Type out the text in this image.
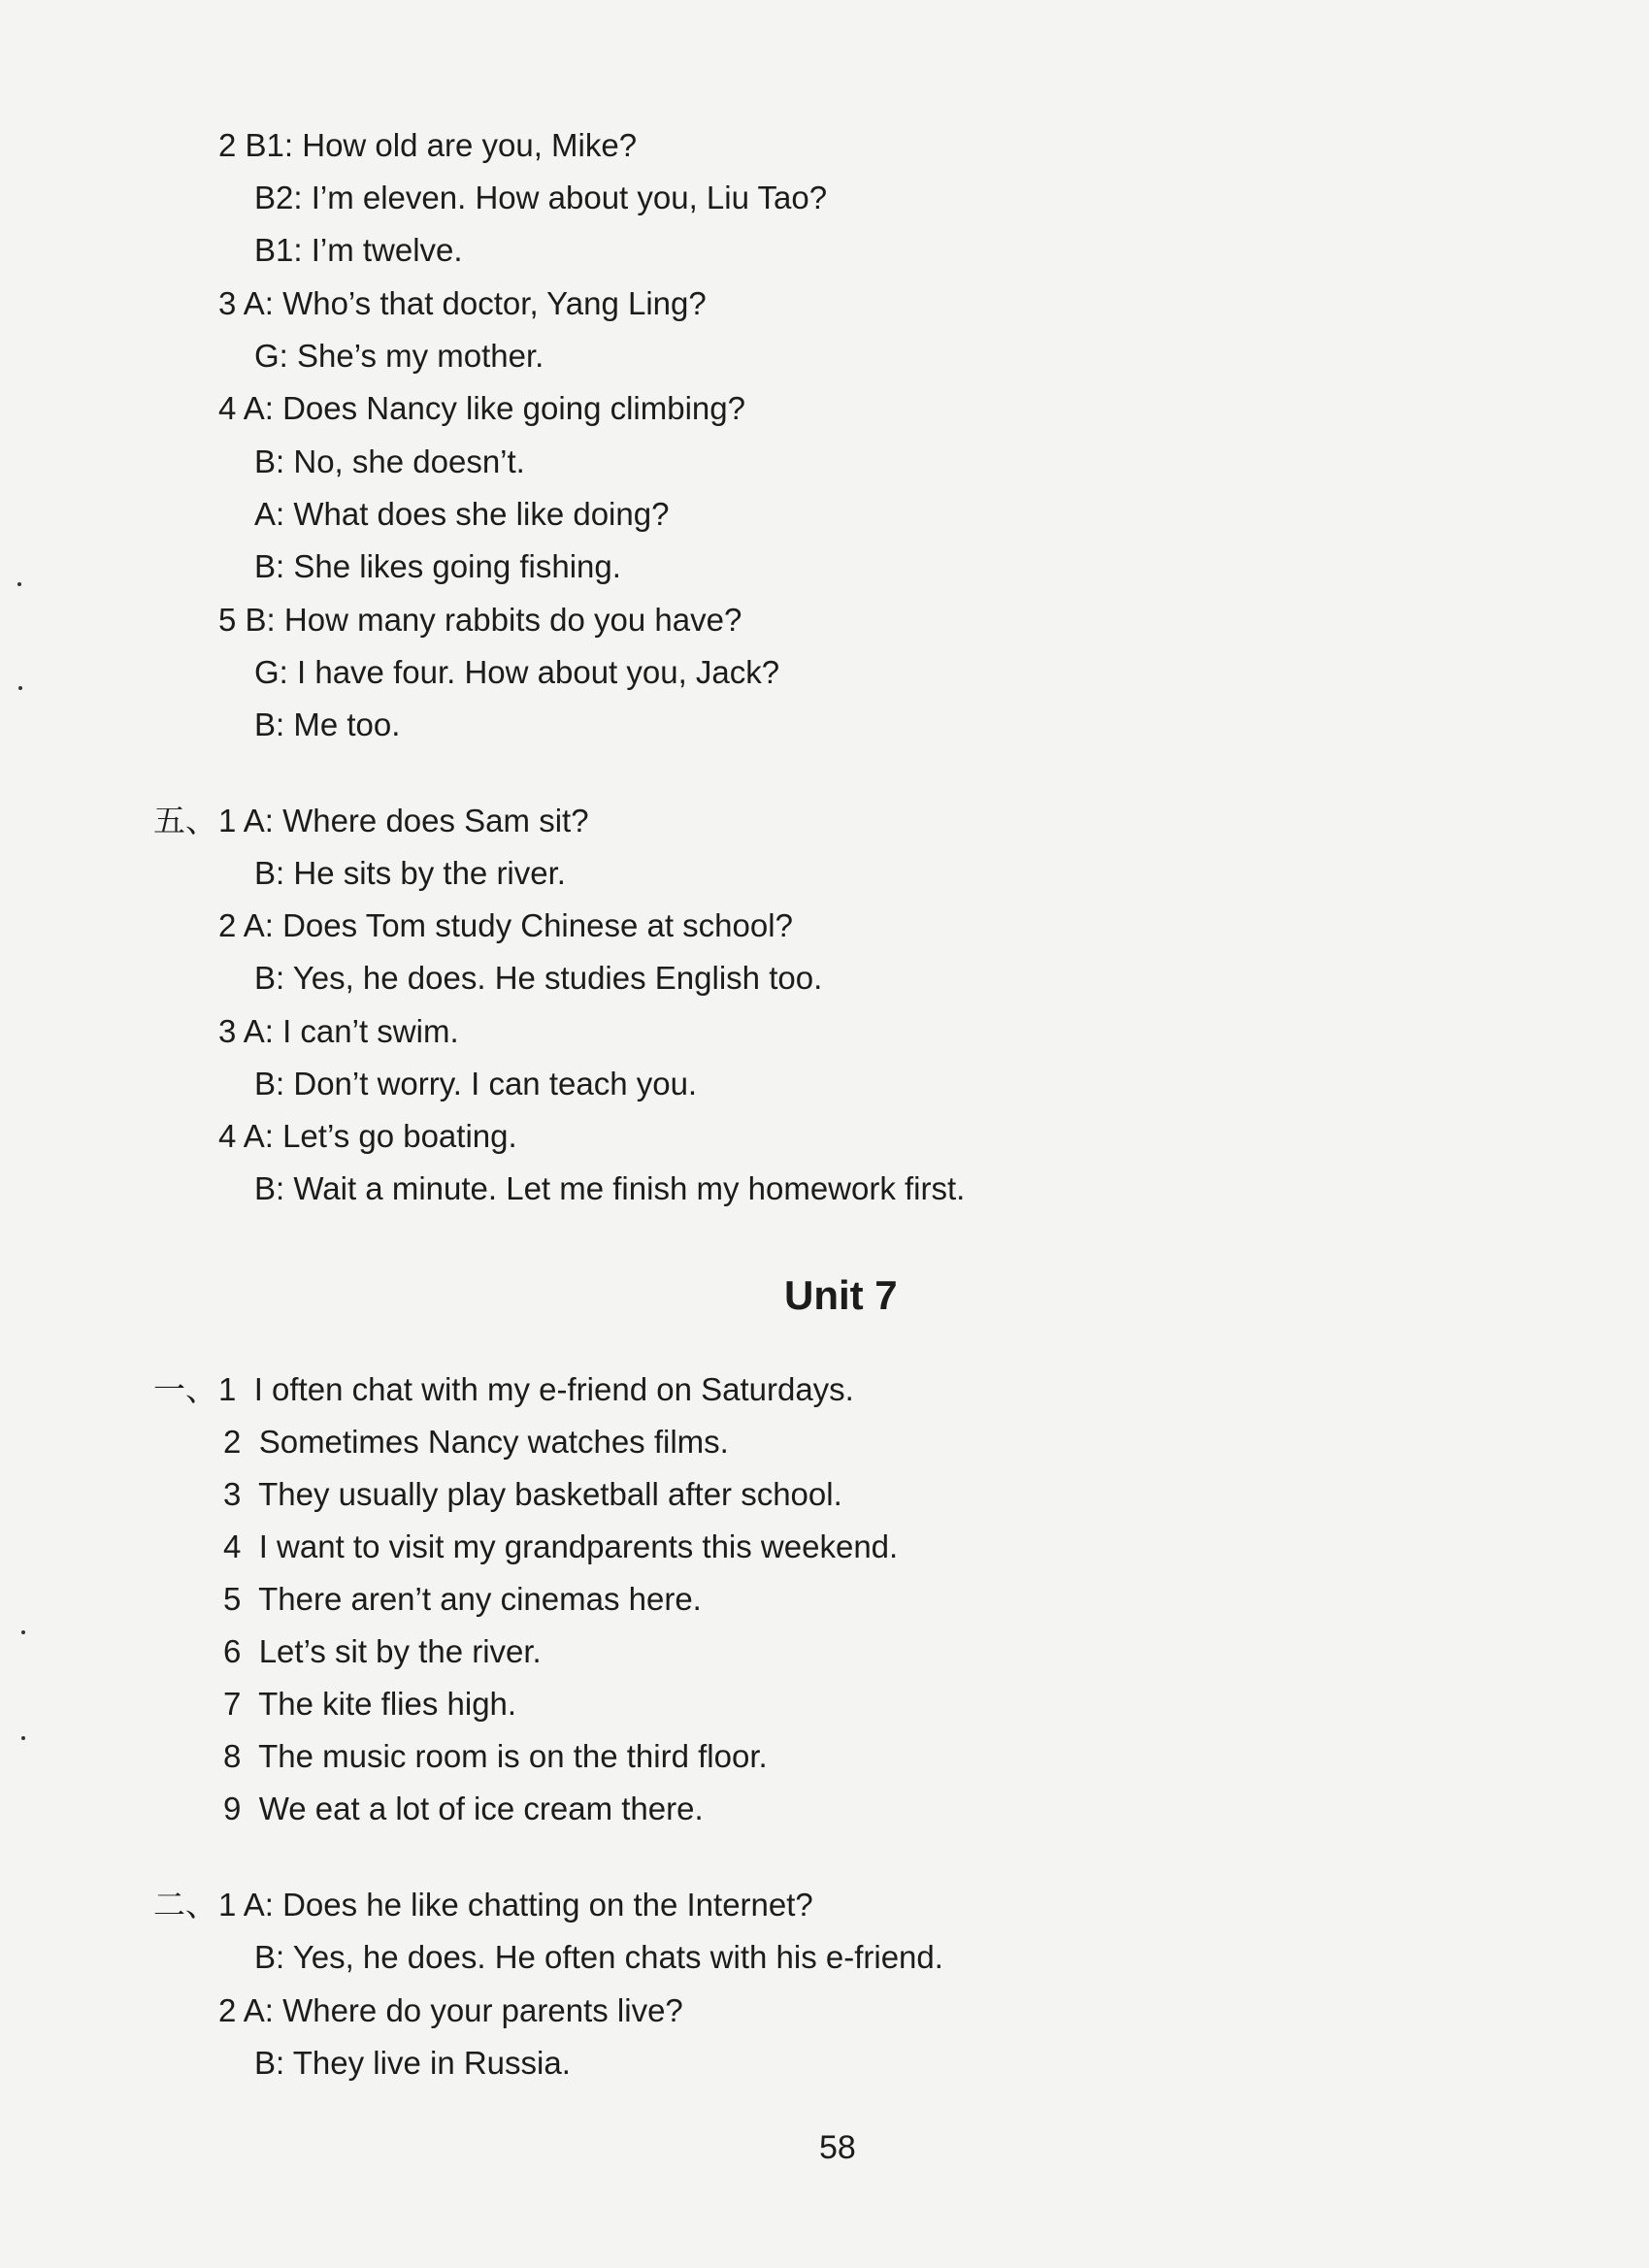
2 B1: How old are you, Mike?
B2: I’m eleven. How about you, Liu Tao?
B1: I’m twelve.
3 A: Who’s that doctor, Yang Ling?
G: She’s my mother.
4 A: Does Nancy like going climbing?
B: No, she doesn’t.
A: What does she like doing?
B: She likes going fishing.
5 B: How many rabbits do you have?
G: I have four. How about you, Jack?
B: Me too.
五、 1 A: Where does Sam sit?
B: He sits by the river.
2 A: Does Tom study Chinese at school?
B: Yes, he does. He studies English too.
3 A: I can’t swim.
B: Don’t worry. I can teach you.
4 A: Let’s go boating.
B: Wait a minute. Let me finish my homework first.
Unit 7
一、 1 I often chat with my e-friend on Saturdays.
2 Sometimes Nancy watches films.
3 They usually play basketball after school.
4 I want to visit my grandparents this weekend.
5 There aren’t any cinemas here.
6 Let’s sit by the river.
7 The kite flies high.
8 The music room is on the third floor.
9 We eat a lot of ice cream there.
二、 1 A: Does he like chatting on the Internet?
B: Yes, he does. He often chats with his e-friend.
2 A: Where do your parents live?
B: They live in Russia.
58
